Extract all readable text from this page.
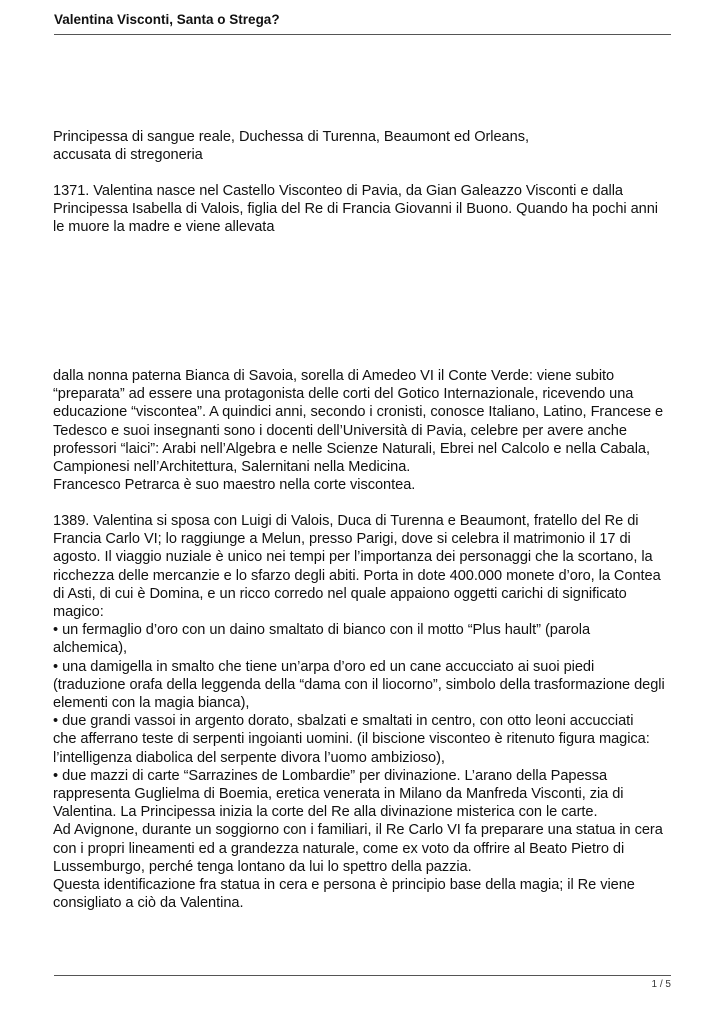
Valentina Visconti, Santa o Strega?
Principessa di sangue reale, Duchessa di Turenna, Beaumont ed Orleans,
accusata di stregoneria
1371. Valentina nasce nel Castello Visconteo di Pavia, da Gian Galeazzo Visconti e dalla
Principessa Isabella di Valois, figlia del Re di Francia Giovanni il Buono. Quando ha pochi anni
le muore la madre e viene allevata
dalla nonna paterna Bianca di Savoia, sorella di Amedeo VI il Conte Verde: viene subito
“preparata” ad essere una protagonista delle corti del Gotico Internazionale, ricevendo una
educazione “viscontea”. A quindici anni, secondo i cronisti, conosce Italiano, Latino, Francese e
Tedesco e suoi insegnanti sono i docenti dell’Università di Pavia, celebre per avere anche
professori “laici”: Arabi nell’Algebra e nelle Scienze Naturali, Ebrei nel Calcolo e nella Cabala,
Campionesi nell’Architettura, Salernitani nella Medicina.
Francesco Petrarca è suo maestro nella corte viscontea.
1389. Valentina si sposa con Luigi di Valois, Duca di Turenna e Beaumont, fratello del Re di
Francia Carlo VI; lo raggiunge a Melun, presso Parigi, dove si celebra il matrimonio il 17 di
agosto. Il viaggio nuziale è unico nei tempi per l’importanza dei personaggi che la scortano, la
ricchezza delle mercanzie e lo sfarzo degli abiti. Porta in dote 400.000 monete d’oro, la Contea
di Asti, di cui è Domina, e un ricco corredo nel quale appaiono oggetti carichi di significato
magico:
• un fermaglio d’oro con un daino smaltato di bianco con il motto “Plus hault” (parola
alchemica),
• una damigella in smalto che tiene un’arpa d’oro ed un cane accucciato ai suoi piedi
(traduzione orafa della leggenda della “dama con il liocorno”, simbolo della trasformazione degli
elementi con la magia bianca),
• due grandi vassoi in argento dorato, sbalzati e smaltati in centro, con otto leoni accucciati
che afferrano teste di serpenti ingoianti uomini. (il biscione visconteo è ritenuto figura magica:
l’intelligenza diabolica del serpente divora l’uomo ambizioso),
• due mazzi di carte “Sarrazines de Lombardie” per divinazione. L’arano della Papessa
rappresenta Guglielma di Boemia, eretica venerata in Milano da Manfreda Visconti, zia di
Valentina. La Principessa inizia la corte del Re alla divinazione misterica con le carte.
Ad Avignone, durante un soggiorno con i familiari, il Re Carlo VI fa preparare una statua in cera
con i propri lineamenti ed a grandezza naturale, come ex voto da offrire al Beato Pietro di
Lussemburgo, perché tenga lontano da lui lo spettro della pazzia.
Questa identificazione fra statua in cera e persona è principio base della magia; il Re viene
consigliato a ciò da Valentina.
1 / 5
